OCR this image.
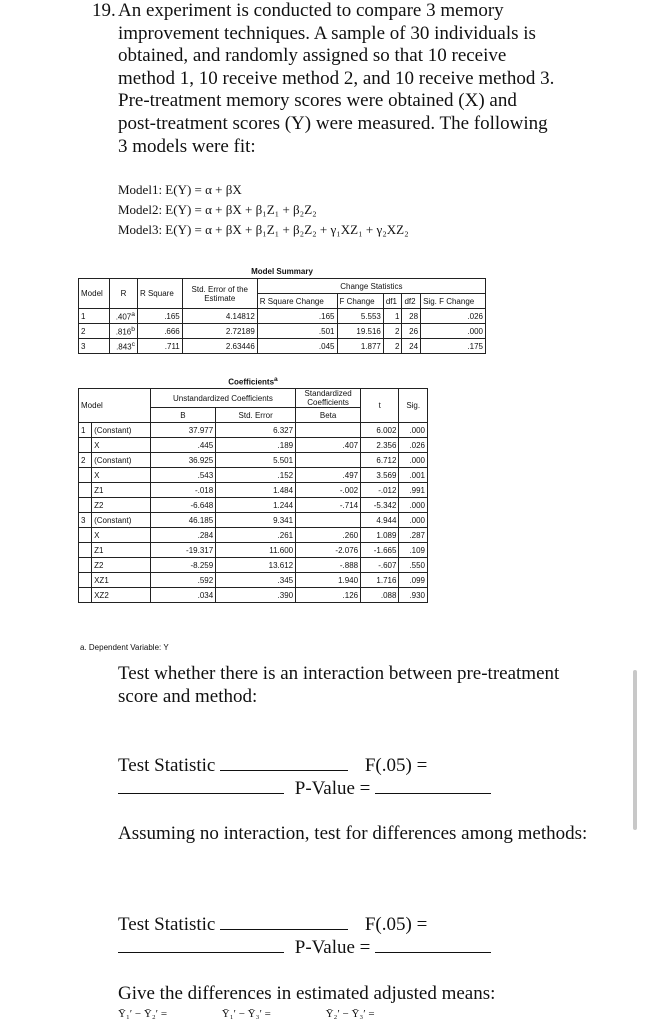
19. An experiment is conducted to compare 3 memory
improvement techniques. A sample of 30 individuals is
obtained, and randomly assigned so that 10 receive
method 1, 10 receive method 2, and 10 receive method 3.
Pre-treatment memory scores were obtained (X) and
post-treatment scores (Y) were measured. The following
3 models were fit:
Model1: E(Y) = α + βX
Model2: E(Y) = α + βX + β₁Z₁ + β₂Z₂
Model3: E(Y) = α + βX + β₁Z₁ + β₂Z₂ + γ₁XZ₁ + γ₂XZ₂
Model Summary								
Model	R	R Square	Std. Error of the Estimate	Change Statistics				
				R Square Change	F Change	df1	df2	Sig. F Change
1	.407$^a$	.165	4.14812	.165	5.553	1	28	.026
2	.816$^b$	.666	2.72189	.501	19.516	2	26	.000
3	.843$^c$	.711	2.63446	.045	1.877	2	24	.175
Coefficients$^a$
Model		Unstandardized Coefficients		Standardized Coefficients	t	Sig.
		B	Std. Error	Beta		
1	(Constant)	37.977	6.327		6.002	.000
	X	.445	.189	.407	2.356	.026
2	(Constant)	36.925	5.501		6.712	.000
	X	.543	.152	.497	3.569	.001
	Z1	-.018	1.484	-.002	-.012	.991
	Z2	-6.648	1.244	-.714	-5.342	.000
3	(Constant)	46.185	9.341		4.944	.000
	X	.284	.261	.260	1.089	.287
	Z1	-19.317	11.600	-2.076	-1.665	.109
	Z2	-8.259	13.612	-.888	-.607	.550
	XZ1	.592	.345	1.940	1.716	.099
	XZ2	.034	.390	.126	.088	.930
a. Dependent Variable: Y
Test whether there is an interaction between pre-treatment score and method:
Test Statistic	F(.05) =
P-Value =
Assuming no interaction, test for differences among methods:
Test Statistic	F(.05) =
P-Value =
Give the differences in estimated adjusted means:
Ȳ₁′ − Ȳ₂′ =	Ȳ₁′ − Ȳ₃′ =	Ȳ₂′ − Ȳ₃′ =
